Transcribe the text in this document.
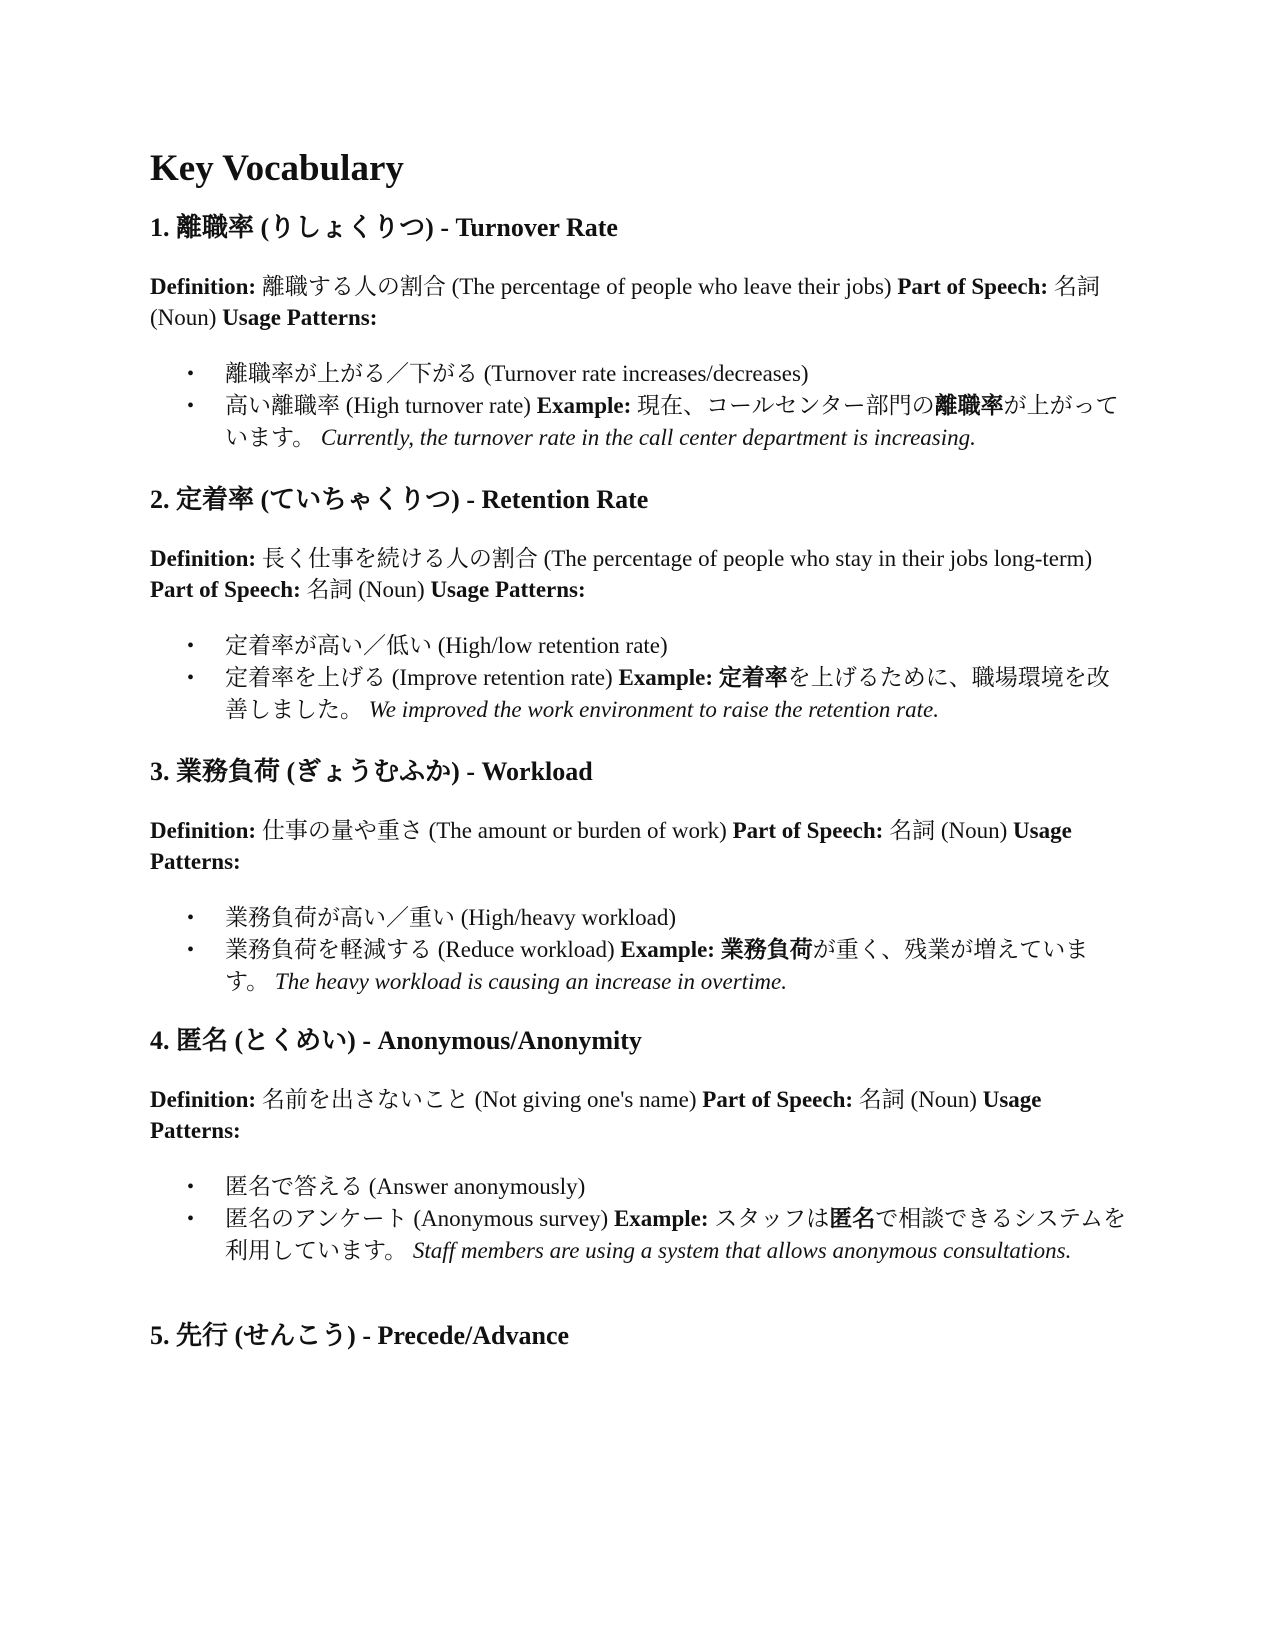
Key Vocabulary
1. 離職率 (りしょくりつ) - Turnover Rate

Definition: 離職する人の割合 (The percentage of people who leave their jobs) Part of Speech: 名詞 (Noun) Usage Patterns:

• 離職率が上がる／下がる (Turnover rate increases/decreases)
• 高い離職率 (High turnover rate) Example: 現在、コールセンター部門の離職率が上がっています。 Currently, the turnover rate in the call center department is increasing.
2. 定着率 (ていちゃくりつ) - Retention Rate

Definition: 長く仕事を続ける人の割合 (The percentage of people who stay in their jobs long-term) Part of Speech: 名詞 (Noun) Usage Patterns:

• 定着率が高い／低い (High/low retention rate)
• 定着率を上げる (Improve retention rate) Example: 定着率を上げるために、職場環境を改善しました。 We improved the work environment to raise the retention rate.
3. 業務負荷 (ぎょうむふか) - Workload

Definition: 仕事の量や重さ (The amount or burden of work) Part of Speech: 名詞 (Noun) Usage Patterns:

• 業務負荷が高い／重い (High/heavy workload)
• 業務負荷を軽減する (Reduce workload) Example: 業務負荷が重く、残業が増えています。 The heavy workload is causing an increase in overtime.
4. 匿名 (とくめい) - Anonymous/Anonymity

Definition: 名前を出さないこと (Not giving one's name) Part of Speech: 名詞 (Noun) Usage Patterns:

• 匿名で答える (Answer anonymously)
• 匿名のアンケート (Anonymous survey) Example: スタッフは匿名で相談できるシステムを利用しています。 Staff members are using a system that allows anonymous consultations.
5. 先行 (せんこう) - Precede/Advance
